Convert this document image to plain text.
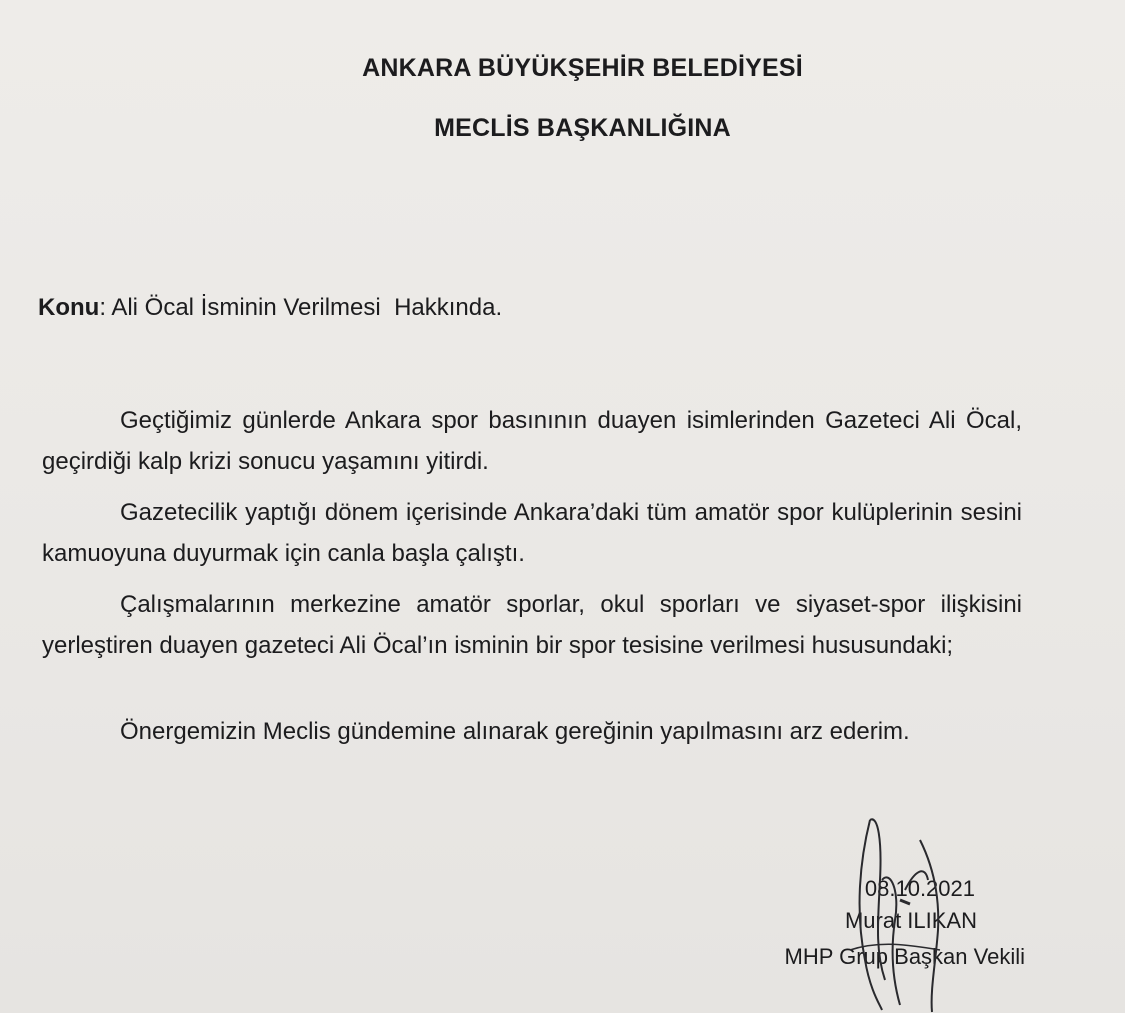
ANKARA BÜYÜKŞEHİR BELEDİYESİ
MECLİS BAŞKANLIĞINA
Konu: Ali Öcal İsminin Verilmesi  Hakkında.

Geçtiğimiz günlerde Ankara spor basınının duayen isimlerinden Gazeteci Ali Öcal, geçirdiği kalp krizi sonucu yaşamını yitirdi.

Gazetecilik yaptığı dönem içerisinde Ankara’daki tüm amatör spor kulüplerinin sesini kamuoyuna duyurmak için canla başla çalıştı.

Çalışmalarının merkezine amatör sporlar, okul sporları ve siyaset-spor ilişkisini yerleştiren duayen gazeteci Ali Öcal’ın isminin bir spor tesisine verilmesi hususundaki;

Önergemizin Meclis gündemine alınarak gereğinin yapılmasını arz ederim.

08.10.2021
Murat ILIKAN
MHP Grup Başkan Vekili
